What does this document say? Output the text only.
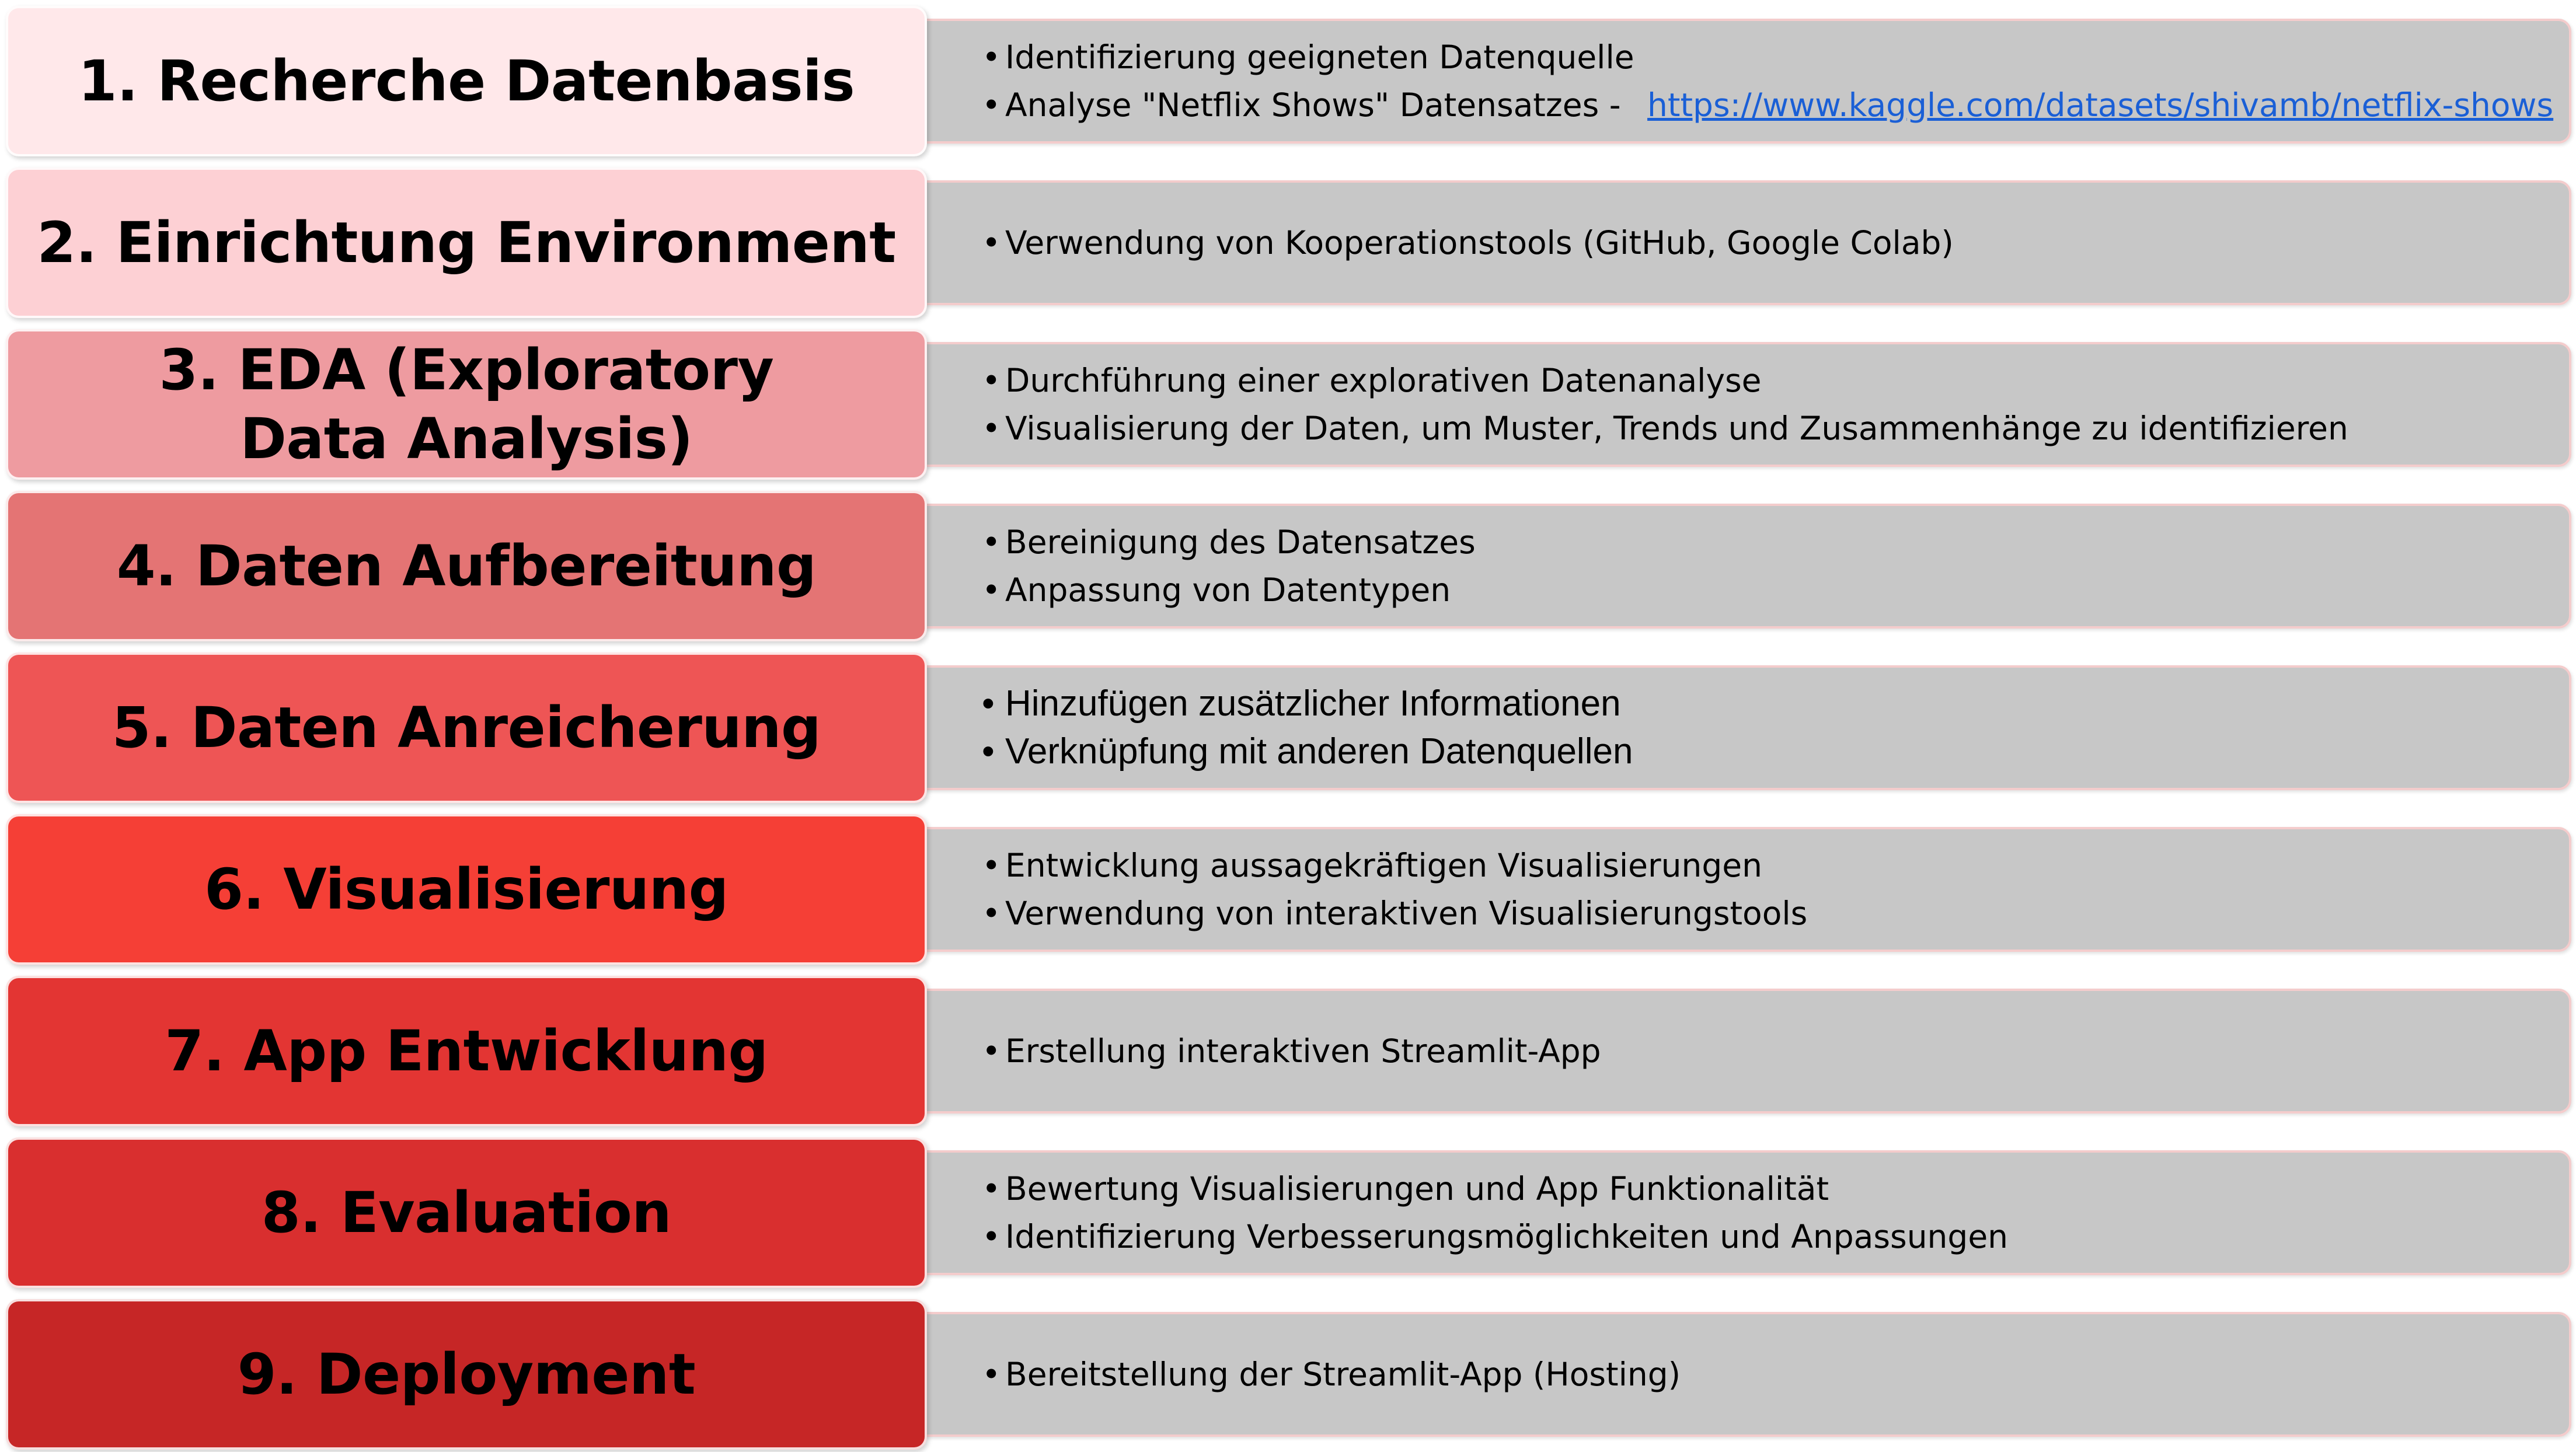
1. Recherche Datenbasis	• Identifizierung geeigneten Datenquelle
• Analyse "Netflix Shows" Datensatzes - https://www.kaggle.com/datasets/shivamb/netflix-shows
2. Einrichtung Environment	• Verwendung von Kooperationstools (GitHub, Google Colab)
3. EDA (Exploratory Data Analysis)
• Durchführung einer explorativen Datenanalyse
• Visualisierung der Daten, um Muster, Trends und Zusammenhänge zu identifizieren
4. Daten Aufbereitung	• Bereinigung des Datensatzes
• Anpassung von Datentypen
5. Daten Anreicherung	• Hinzufügen zusätzlicher Informationen
• Verknüpfung mit anderen Datenquellen
6. Visualisierung	• Entwicklung aussagekräftigen Visualisierungen
• Verwendung von interaktiven Visualisierungstools
7. App Entwicklung	• Erstellung interaktiven Streamlit-App
8. Evaluation	• Bewertung Visualisierungen und App Funktionalität
• Identifizierung Verbesserungsmöglichkeiten und Anpassungen
9. Deployment	• Bereitstellung der Streamlit-App (Hosting)
